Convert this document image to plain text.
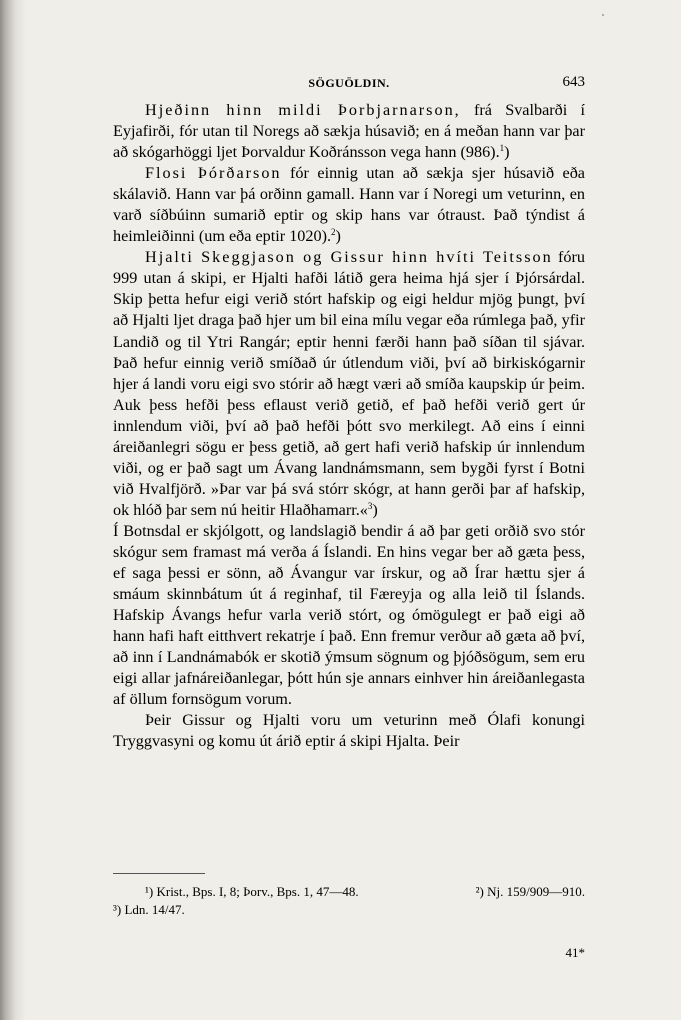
SÖGUÖLDIN.	643

Hjeðinn hinn mildi Þorbjarnarson, frá Svalbarði í Eyjafirði, fór utan til Noregs að sækja húsavið; en á meðan hann var þar að skógarhöggi ljet Þorvaldur Koðránsson vega hann (986).$^1$)

Flosi Þórðarson fór einnig utan að sækja sjer húsavið eða skálavið. Hann var þá orðinn gamall. Hann var í Noregi um veturinn, en varð síðbúinn sumarið eptir og skip hans var ótraust. Það týndist á heimleiðinni (um eða eptir 1020).$^2$)

Hjalti Skeggjason og Gissur hinn hvíti Teitsson fóru 999 utan á skipi, er Hjalti hafði látið gera heima hjá sjer í Þjórsárdal. Skip þetta hefur eigi verið stórt hafskip og eigi heldur mjög þungt, því að Hjalti ljet draga það hjer um bil eina mílu vegar eða rúmlega það, yfir Landið og til Ytri Rangár; eptir henni færði hann það síðan til sjávar. Það hefur einnig verið smíðað úr útlendum viði, því að birkiskógarnir hjer á landi voru eigi svo stórir að hægt væri að smíða kaupskip úr þeim. Auk þess hefði þess eflaust verið getið, ef það hefði verið gert úr innlendum viði, því að það hefði þótt svo merkilegt. Að eins í einni áreiðanlegri sögu er þess getið, að gert hafi verið hafskip úr innlendum viði, og er það sagt um Ávang landnámsmann, sem bygði fyrst í Botni við Hvalfjörð. »Þar var þá svá stórr skógr, at hann gerði þar af hafskip, ok hlóð þar sem nú heitir Hlaðhamarr.«$^3$)

Í Botnsdal er skjólgott, og landslagið bendir á að þar geti orðið svo stór skógur sem framast má verða á Íslandi. En hins vegar ber að gæta þess, ef saga þessi er sönn, að Ávangur var írskur, og að Írar hættu sjer á smáum skinnbátum út á reginhaf, til Færeyja og alla leið til Íslands. Hafskip Ávangs hefur varla verið stórt, og ómögulegt er það eigi að hann hafi haft eitthvert rekatrje í það. Enn fremur verður að gæta að því, að inn í Landnámabók er skotið ýmsum sögnum og þjóðsögum, sem eru eigi allar jafnáreiðanlegar, þótt hún sje annars einhver hin áreiðanlegasta af öllum fornsögum vorum.

Þeir Gissur og Hjalti voru um veturinn með Ólafi konungi Tryggvasyni og komu út árið eptir á skipi Hjalta. Þeir

¹) Krist., Bps. I, 8; Þorv., Bps. 1, 47—48.	²) Nj. 159/909—910.
³) Ldn. 14/47.
41*
